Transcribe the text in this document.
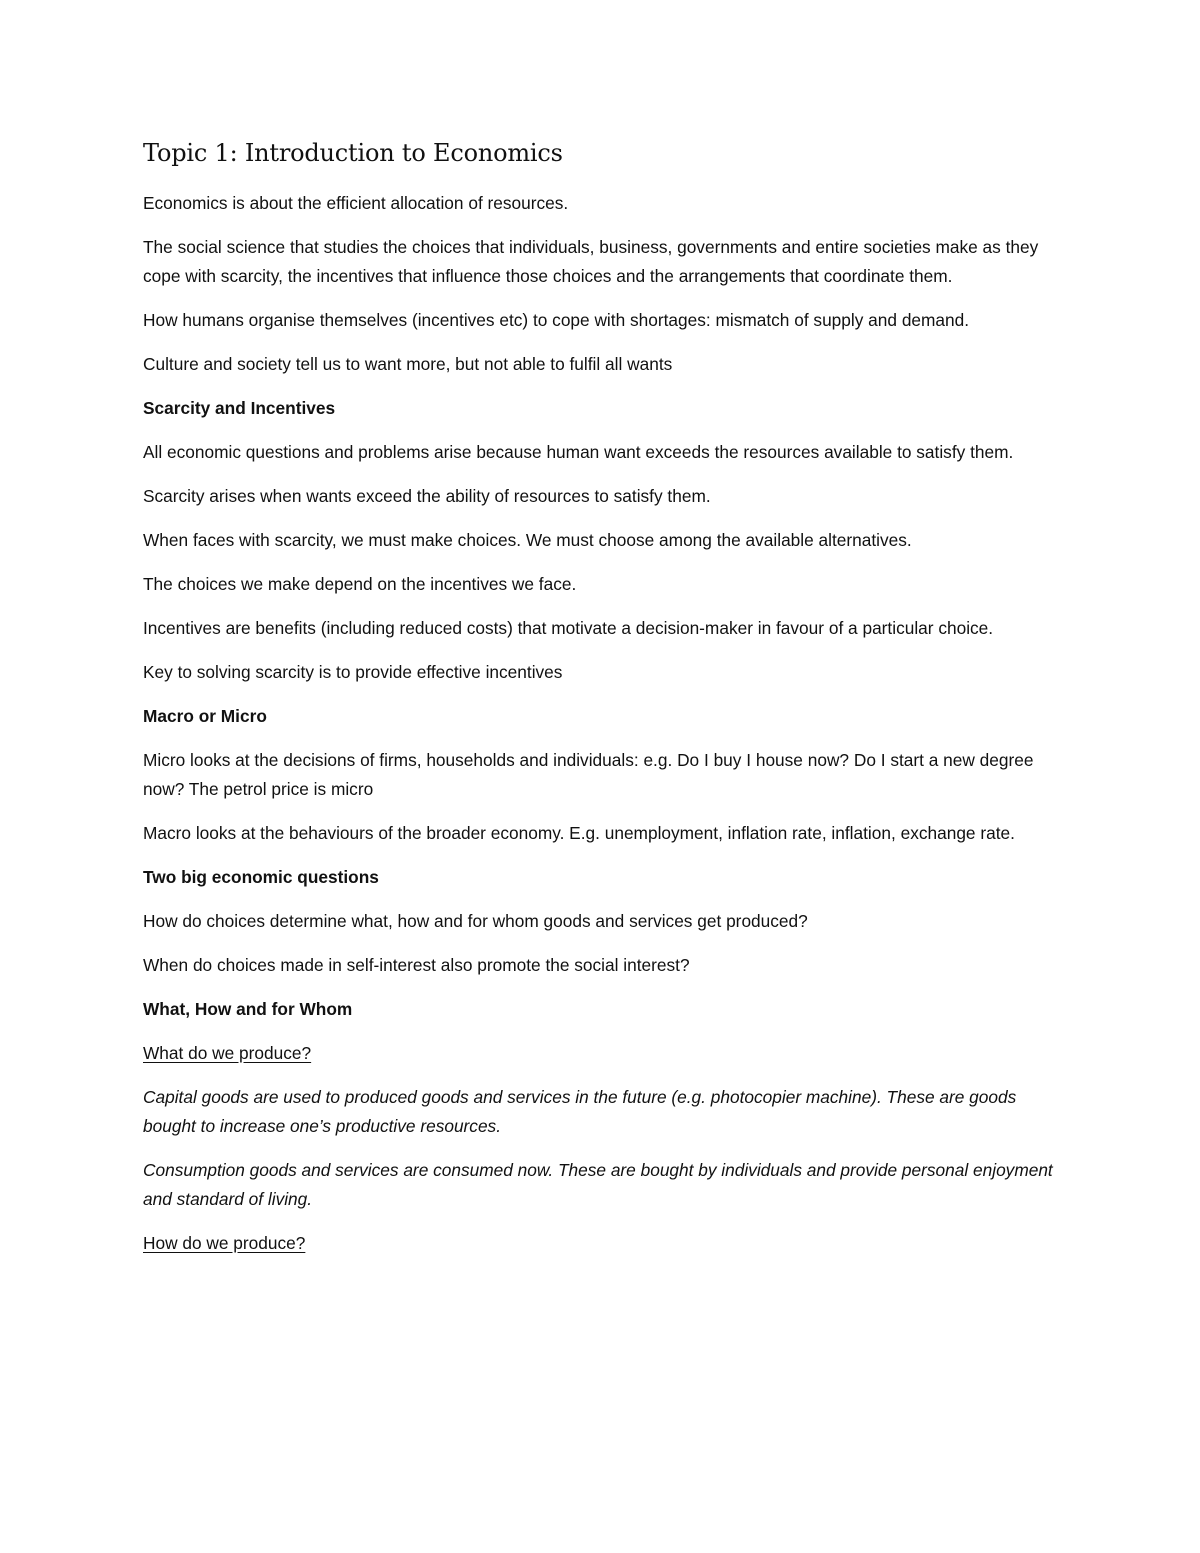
Topic 1: Introduction to Economics

Economics is about the efficient allocation of resources.

The social science that studies the choices that individuals, business, governments and entire societies make as they cope with scarcity, the incentives that influence those choices and the arrangements that coordinate them.

How humans organise themselves (incentives etc) to cope with shortages: mismatch of supply and demand.

Culture and society tell us to want more, but not able to fulfil all wants

Scarcity and Incentives

All economic questions and problems arise because human want exceeds the resources available to satisfy them.

Scarcity arises when wants exceed the ability of resources to satisfy them.

When faces with scarcity, we must make choices. We must choose among the available alternatives.

The choices we make depend on the incentives we face.

Incentives are benefits (including reduced costs) that motivate a decision-maker in favour of a particular choice.

Key to solving scarcity is to provide effective incentives

Macro or Micro

Micro looks at the decisions of firms, households and individuals: e.g. Do I buy I house now? Do I start a new degree now? The petrol price is micro

Macro looks at the behaviours of the broader economy. E.g. unemployment, inflation rate, inflation, exchange rate.

Two big economic questions

How do choices determine what, how and for whom goods and services get produced?

When do choices made in self-interest also promote the social interest?

What, How and for Whom

What do we produce?

Capital goods are used to produced goods and services in the future (e.g. photocopier machine). These are goods bought to increase one’s productive resources.

Consumption goods and services are consumed now. These are bought by individuals and provide personal enjoyment and standard of living.

How do we produce?
